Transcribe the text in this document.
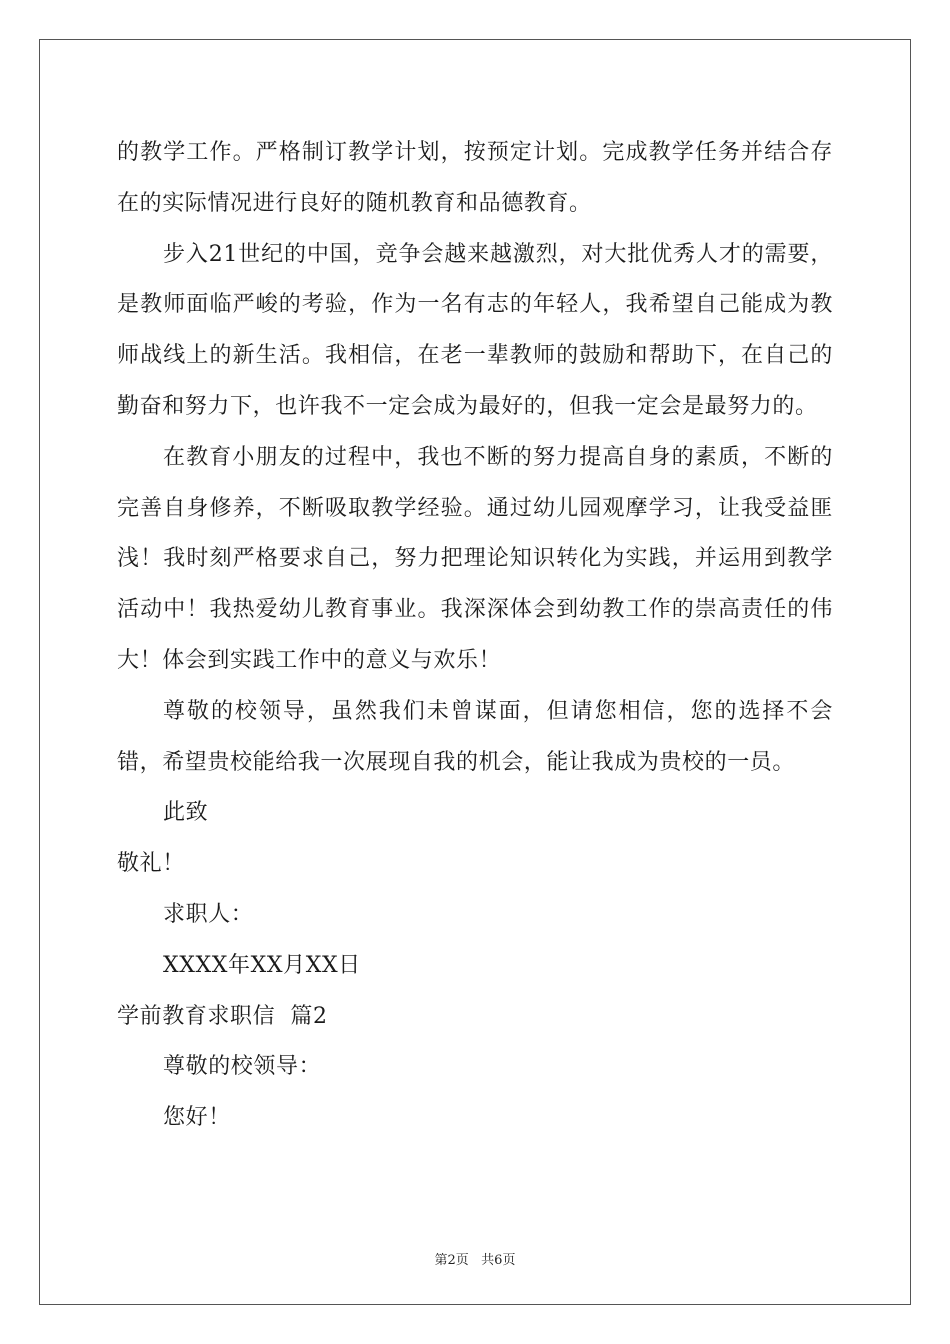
的教学工作。严格制订教学计划，按预定计划。完成教学任务并结合存在的实际情况进行良好的随机教育和品德教育。

步入21世纪的中国，竞争会越来越激烈，对大批优秀人才的需要，是教师面临严峻的考验，作为一名有志的年轻人，我希望自己能成为教师战线上的新生活。我相信，在老一辈教师的鼓励和帮助下，在自己的勤奋和努力下，也许我不一定会成为最好的，但我一定会是最努力的。

在教育小朋友的过程中，我也不断的努力提高自身的素质，不断的完善自身修养，不断吸取教学经验。通过幼儿园观摩学习，让我受益匪浅！我时刻严格要求自己，努力把理论知识转化为实践，并运用到教学活动中！我热爱幼儿教育事业。我深深体会到幼教工作的崇高责任的伟大！体会到实践工作中的意义与欢乐！

尊敬的校领导，虽然我们未曾谋面，但请您相信，您的选择不会错，希望贵校能给我一次展现自我的机会，能让我成为贵校的一员。

此致

敬礼！

求职人：

XXXX年XX月XX日

学前教育求职信  篇2

尊敬的校领导：

您好！

第2页   共6页
